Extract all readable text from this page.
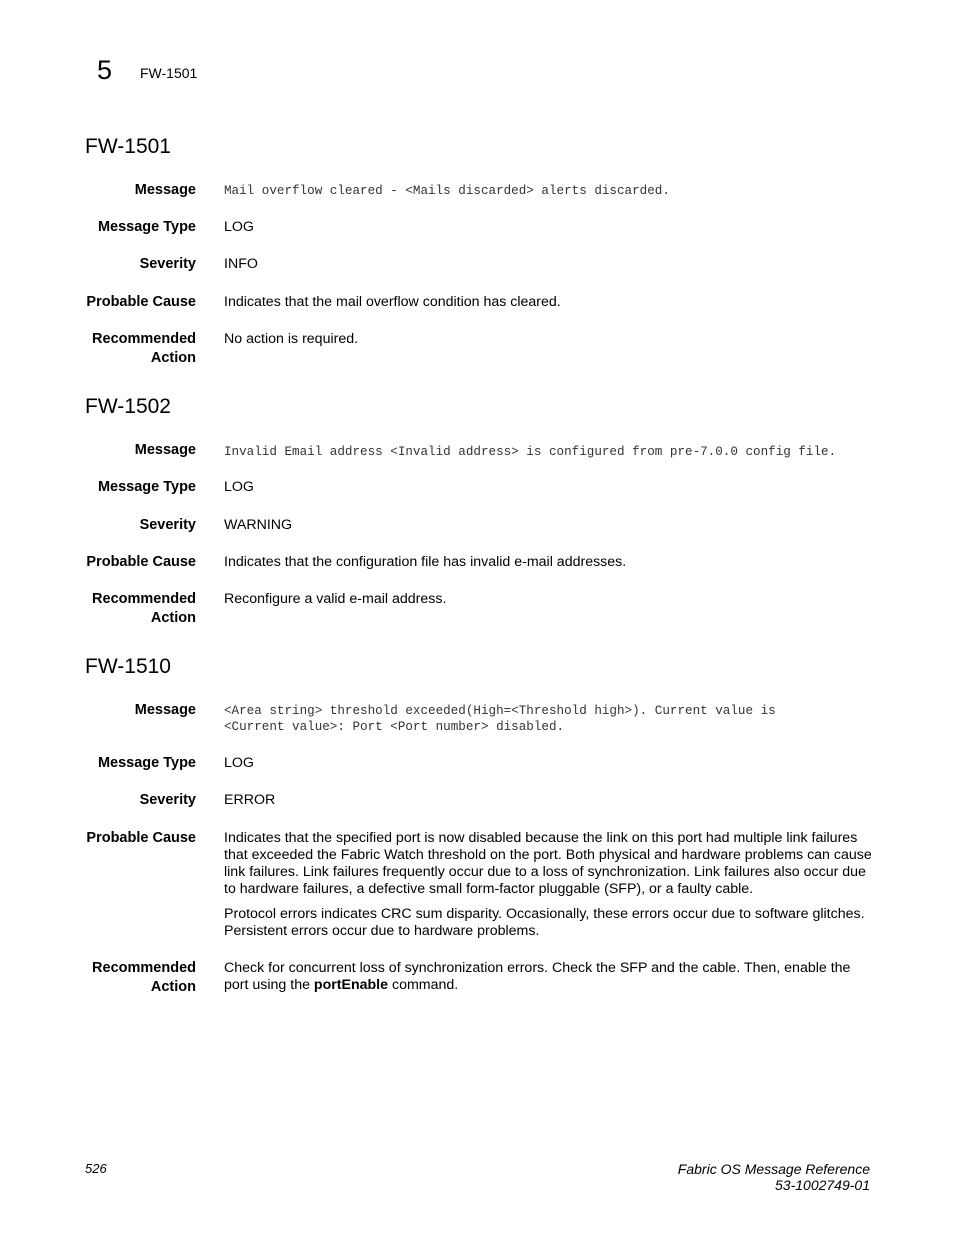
5 FW-1501
FW-1501
Message Mail overflow cleared - <Mails discarded> alerts discarded.
Message Type LOG
Severity INFO
Probable Cause Indicates that the mail overflow condition has cleared.
Recommended
Action
No action is required.
FW-1502
Message Invalid Email address <Invalid address> is configured from pre-7.0.0 config file.
Message Type LOG
Severity WARNING
Probable Cause Indicates that the configuration file has invalid e-mail addresses.
Recommended
Action
Reconfigure a valid e-mail address.
FW-1510
Message <Area string> threshold exceeded(High=<Threshold high>). Current value is
<Current value>: Port <Port number> disabled.
Message Type LOG
Severity ERROR
Probable Cause Indicates that the specified port is now disabled because the link on this port had multiple link failures that exceeded the Fabric Watch threshold on the port. Both physical and hardware problems can cause link failures. Link failures frequently occur due to a loss of synchronization. Link failures also occur due to hardware failures, a defective small form-factor pluggable (SFP), or a faulty cable.
Protocol errors indicates CRC sum disparity. Occasionally, these errors occur due to software glitches. Persistent errors occur due to hardware problems.
Recommended
Action
Check for concurrent loss of synchronization errors. Check the SFP and the cable. Then, enable the port using the portEnable command.
526	Fabric OS Message Reference
53-1002749-01
